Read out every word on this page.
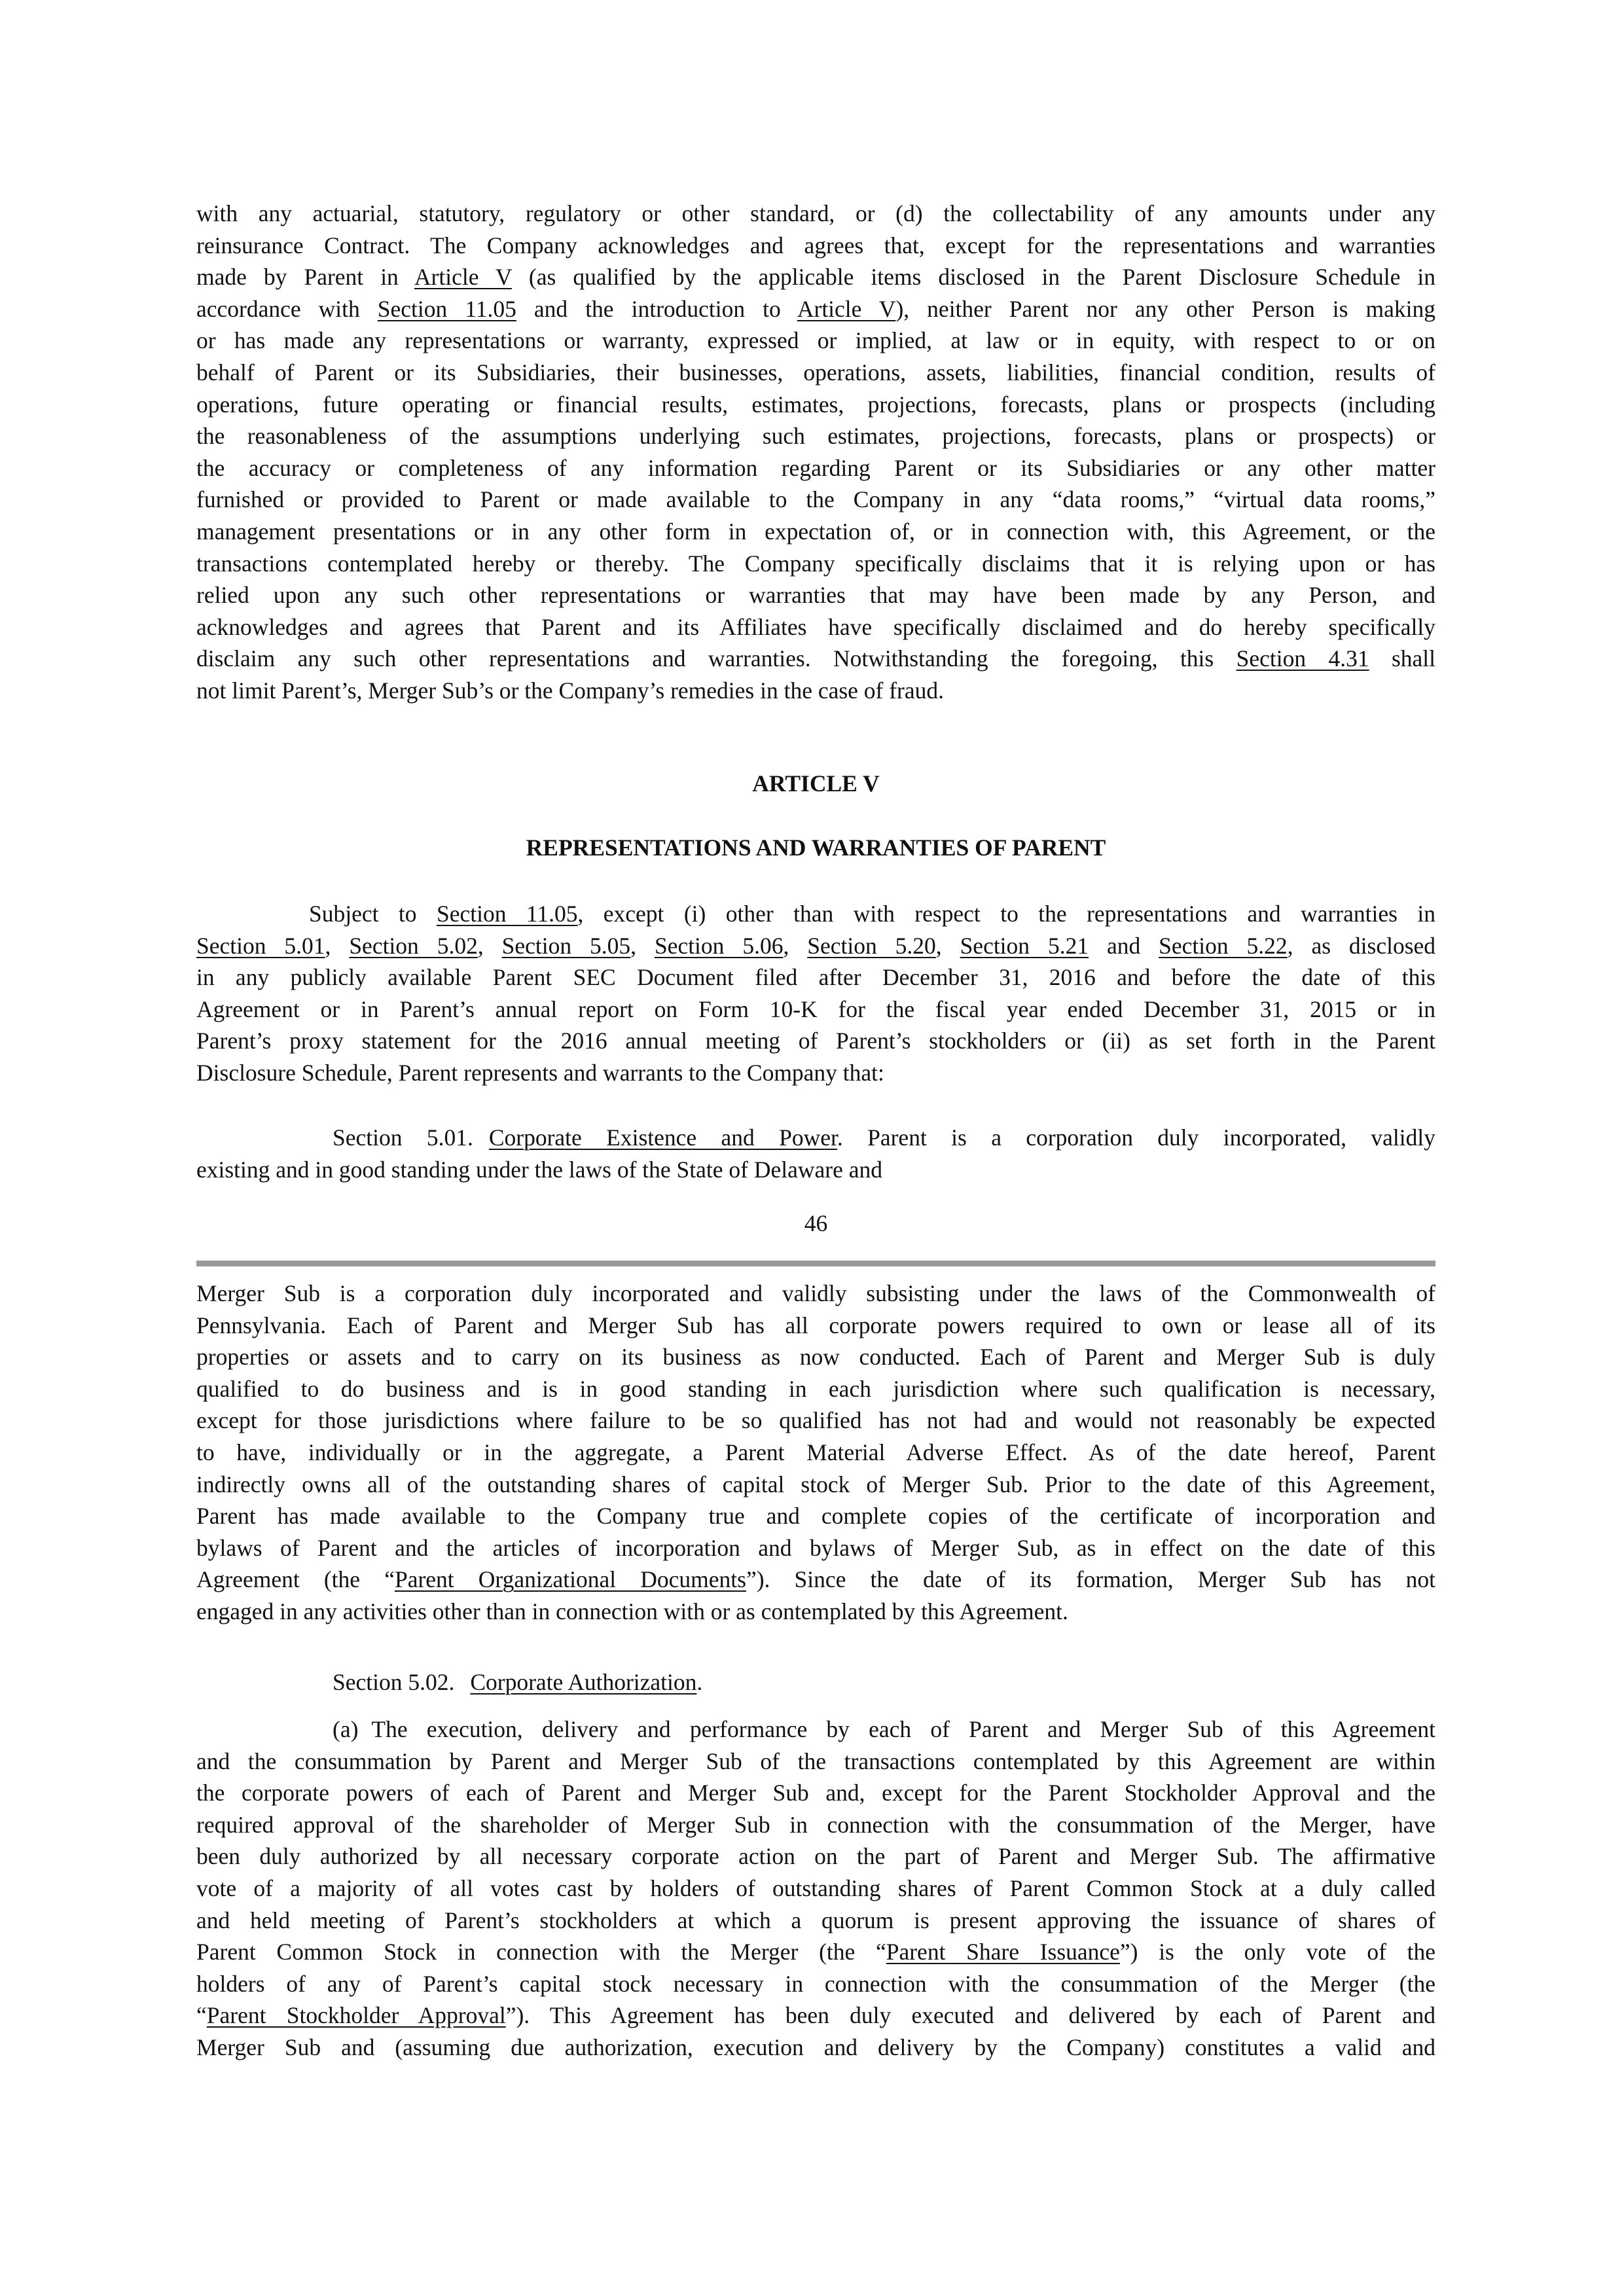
with any actuarial, statutory, regulatory or other standard, or (d) the collectability of any amounts under any
reinsurance Contract. The Company acknowledges and agrees that, except for the representations and warranties
made by Parent in Article V (as qualified by the applicable items disclosed in the Parent Disclosure Schedule in
accordance with Section 11.05 and the introduction to Article V), neither Parent nor any other Person is making
or has made any representations or warranty, expressed or implied, at law or in equity, with respect to or on
behalf of Parent or its Subsidiaries, their businesses, operations, assets, liabilities, financial condition, results of
operations, future operating or financial results, estimates, projections, forecasts, plans or prospects (including
the reasonableness of the assumptions underlying such estimates, projections, forecasts, plans or prospects) or
the accuracy or completeness of any information regarding Parent or its Subsidiaries or any other matter
furnished or provided to Parent or made available to the Company in any “data rooms,” “virtual data rooms,”
management presentations or in any other form in expectation of, or in connection with, this Agreement, or the
transactions contemplated hereby or thereby. The Company specifically disclaims that it is relying upon or has
relied upon any such other representations or warranties that may have been made by any Person, and
acknowledges and agrees that Parent and its Affiliates have specifically disclaimed and do hereby specifically
disclaim any such other representations and warranties. Notwithstanding the foregoing, this Section 4.31 shall
not limit Parent’s, Merger Sub’s or the Company’s remedies in the case of fraud.
ARTICLE V
REPRESENTATIONS AND WARRANTIES OF PARENT
Subject to Section 11.05, except (i) other than with respect to the representations and warranties in
Section 5.01, Section 5.02, Section 5.05, Section 5.06, Section 5.20, Section 5.21 and Section 5.22, as disclosed
in any publicly available Parent SEC Document filed after December 31, 2016 and before the date of this
Agreement or in Parent’s annual report on Form 10-K for the fiscal year ended December 31, 2015 or in
Parent’s proxy statement for the 2016 annual meeting of Parent’s stockholders or (ii) as set forth in the Parent
Disclosure Schedule, Parent represents and warrants to the Company that:
Section 5.01. Corporate Existence and Power. Parent is a corporation duly incorporated, validly
existing and in good standing under the laws of the State of Delaware and
46
Merger Sub is a corporation duly incorporated and validly subsisting under the laws of the Commonwealth of
Pennsylvania. Each of Parent and Merger Sub has all corporate powers required to own or lease all of its
properties or assets and to carry on its business as now conducted. Each of Parent and Merger Sub is duly
qualified to do business and is in good standing in each jurisdiction where such qualification is necessary,
except for those jurisdictions where failure to be so qualified has not had and would not reasonably be expected
to have, individually or in the aggregate, a Parent Material Adverse Effect. As of the date hereof, Parent
indirectly owns all of the outstanding shares of capital stock of Merger Sub. Prior to the date of this Agreement,
Parent has made available to the Company true and complete copies of the certificate of incorporation and
bylaws of Parent and the articles of incorporation and bylaws of Merger Sub, as in effect on the date of this
Agreement (the “Parent Organizational Documents”). Since the date of its formation, Merger Sub has not
engaged in any activities other than in connection with or as contemplated by this Agreement.
Section 5.02. Corporate Authorization.
(a) The execution, delivery and performance by each of Parent and Merger Sub of this Agreement
and the consummation by Parent and Merger Sub of the transactions contemplated by this Agreement are within
the corporate powers of each of Parent and Merger Sub and, except for the Parent Stockholder Approval and the
required approval of the shareholder of Merger Sub in connection with the consummation of the Merger, have
been duly authorized by all necessary corporate action on the part of Parent and Merger Sub. The affirmative
vote of a majority of all votes cast by holders of outstanding shares of Parent Common Stock at a duly called
and held meeting of Parent’s stockholders at which a quorum is present approving the issuance of shares of
Parent Common Stock in connection with the Merger (the “Parent Share Issuance”) is the only vote of the
holders of any of Parent’s capital stock necessary in connection with the consummation of the Merger (the
“Parent Stockholder Approval”). This Agreement has been duly executed and delivered by each of Parent and
Merger Sub and (assuming due authorization, execution and delivery by the Company) constitutes a valid and
